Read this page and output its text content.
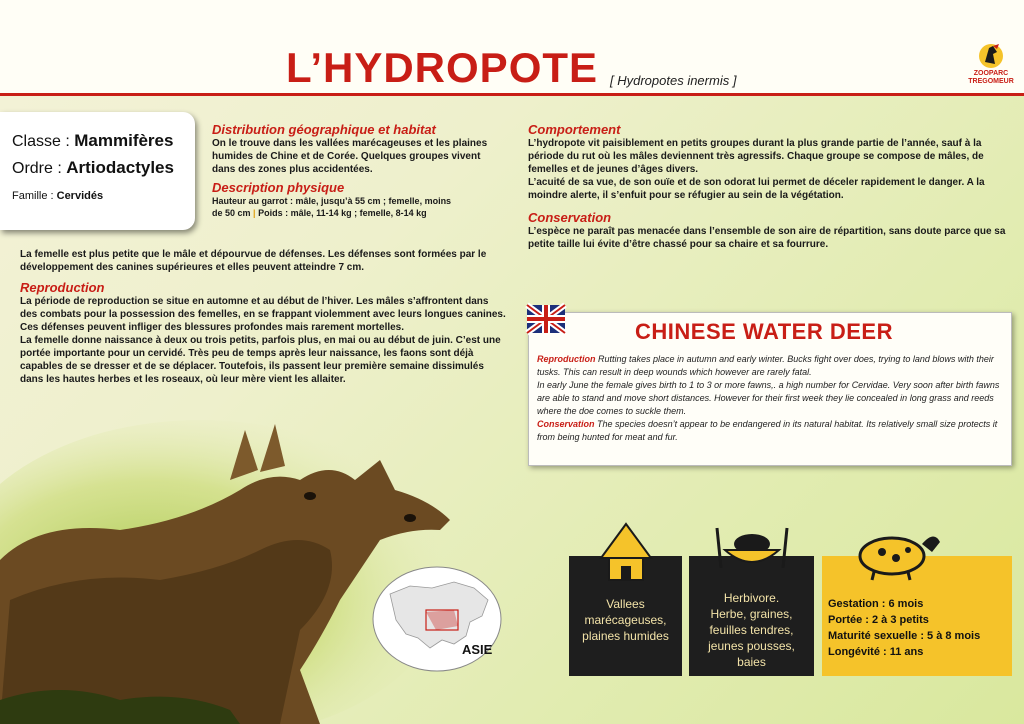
L’HYDROPOTE [ Hydropotes inermis ]	ZOOPARC
TREGOMEUR
Classe : Mammifères
Ordre : Artiodactyles
Famille : Cervidés
Distribution géographique et habitat
On le trouve dans les vallées marécageuses et les plaines humides de Chine et de Corée. Quelques groupes vivent dans des zones plus accidentées.
Description physique
Hauteur au garrot : mâle, jusqu’à 55 cm ; femelle, moins
de 50 cm | Poids : mâle, 11-14 kg ; femelle, 8-14 kg
La femelle est plus petite que le mâle et dépourvue de défenses. Les défenses sont formées par le développement des canines supérieures et elles peuvent atteindre 7 cm.
Reproduction

La période de reproduction se situe en automne et au début de l’hiver. Les mâles s’affrontent dans des combats pour la possession des femelles, en se frappant violemment avec leurs longues canines. Ces défenses peuvent infliger des blessures profondes mais rarement mortelles.

La femelle donne naissance à deux ou trois petits, parfois plus, en mai ou au début de juin. C’est une portée importante pour un cervidé. Très peu de temps après leur naissance, les faons sont déjà capables de se dresser et de se déplacer. Toutefois, ils passent leur première semaine dissimulés dans les hautes herbes et les roseaux, où leur mère vient les allaiter.

Comportement

L’hydropote vit paisiblement en petits groupes durant la plus grande partie de l’année, sauf à la période du rut où les mâles deviennent très agressifs. Chaque groupe se compose de mâles, de femelles et de jeunes d’âges divers.

L’acuité de sa vue, de son ouïe et de son odorat lui permet de déceler rapidement le danger. A la moindre alerte, il s’enfuit pour se réfugier au sein de la végétation.

Conservation
L’espèce ne paraît pas menacée dans l’ensemble de son aire de répartition, sans doute parce que sa petite taille lui évite d’être chassé pour sa chaire et sa fourrure.
CHINESE WATER DEER
Reproduction Rutting takes place in autumn and early winter. Bucks fight over does, trying to land blows with their tusks. This can result in deep wounds which however are rarely fatal.
In early June the female gives birth to 1 to 3 or more fawns,. a high number for Cervidae. Very soon after birth fawns are able to stand and move short distances. However for their first week they lie concealed in long grass and reeds where the doe comes to suckle them.
Conservation The species doesn’t appear to be endangered in its natural habitat. Its relatively small size protects it from being hunted for meat and fur.
ASIE
Vallees
marécageuses,
plaines humides
Herbivore.
Herbe, graines,
feuilles tendres,
jeunes pousses,
baies
Gestation : 6 mois
Portée : 2 à 3 petits
Maturité sexuelle : 5 à 8 mois
Longévité : 11 ans
